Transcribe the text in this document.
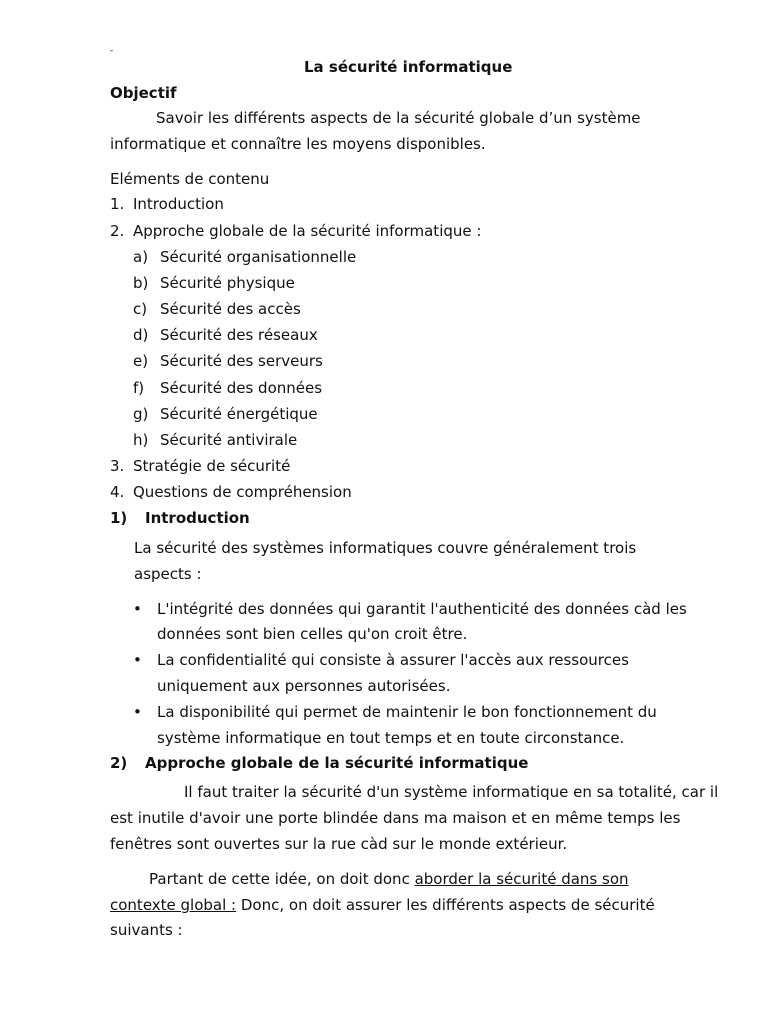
-
La sécurité informatique
Objectif
Savoir les différents aspects de la sécurité globale d’un système
informatique et connaître les moyens disponibles.
Eléments de contenu
1. Introduction
2. Approche globale de la sécurité informatique :
a) Sécurité organisationnelle
b) Sécurité physique
c) Sécurité des accès
d) Sécurité des réseaux
e) Sécurité des serveurs
f) Sécurité des données
g) Sécurité énergétique
h) Sécurité antivirale
3. Stratégie de sécurité
4. Questions de compréhension
1) Introduction
La sécurité des systèmes informatiques couvre généralement trois
aspects :
• L'intégrité des données qui garantit l'authenticité des données càd les
données sont bien celles qu'on croit être.
• La confidentialité qui consiste à assurer l'accès aux ressources
uniquement aux personnes autorisées.
• La disponibilité qui permet de maintenir le bon fonctionnement du
système informatique en tout temps et en toute circonstance.
2) Approche globale de la sécurité informatique
Il faut traiter la sécurité d'un système informatique en sa totalité, car il
est inutile d'avoir une porte blindée dans ma maison et en même temps les
fenêtres sont ouvertes sur la rue càd sur le monde extérieur.
Partant de cette idée, on doit donc aborder la sécurité dans son
contexte global : Donc, on doit assurer les différents aspects de sécurité
suivants :
